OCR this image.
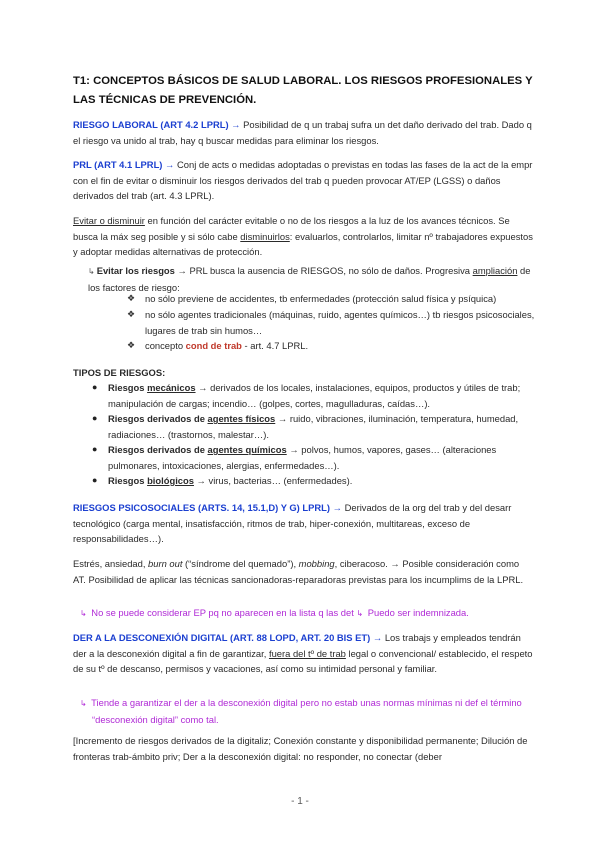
T1: CONCEPTOS BÁSICOS DE SALUD LABORAL. LOS RIESGOS PROFESIONALES Y LAS TÉCNICAS DE PREVENCIÓN.
RIESGO LABORAL (ART 4.2 LPRL) → Posibilidad de q un trabaj sufra un det daño derivado del trab. Dado q el riesgo va unido al trab, hay q buscar medidas para eliminar los riesgos.
PRL (ART 4.1 LPRL) → Conj de acts o medidas adoptadas o previstas en todas las fases de la act de la empr con el fin de evitar o disminuir los riesgos derivados del trab q pueden provocar AT/EP (LGSS) o daños derivados del trab (art. 4.3 LPRL).
Evitar o disminuir en función del carácter evitable o no de los riesgos a la luz de los avances técnicos. Se busca la máx seg posible y si sólo cabe disminuirlos: evaluarlos, controlarlos, limitar nº trabajadores expuestos y adoptar medidas alternativas de protección.
↳ Evitar los riesgos → PRL busca la ausencia de RIESGOS, no sólo de daños. Progresiva ampliación de los factores de riesgo:
❖ no sólo previene de accidentes, tb enfermedades (protección salud física y psíquica)
❖ no sólo agentes tradicionales (máquinas, ruido, agentes químicos…) tb riesgos psicosociales, lugares de trab sin humos…
❖ concepto cond de trab - art. 4.7 LPRL.
TIPOS DE RIESGOS:
● Riesgos mecánicos → derivados de los locales, instalaciones, equipos, productos y útiles de trab; manipulación de cargas; incendio… (golpes, cortes, magulladuras, caídas…).
● Riesgos derivados de agentes físicos → ruido, vibraciones, iluminación, temperatura, humedad, radiaciones… (trastornos, malestar…).
● Riesgos derivados de agentes químicos → polvos, humos, vapores, gases… (alteraciones pulmonares, intoxicaciones, alergias, enfermedades…).
● Riesgos biológicos → virus, bacterias… (enfermedades).
RIESGOS PSICOSOCIALES (ARTS. 14, 15.1,D) Y G) LPRL) → Derivados de la org del trab y del desarr tecnológico (carga mental, insatisfacción, ritmos de trab, hiper-conexión, multitareas, exceso de responsabilidades…).
Estrés, ansiedad, burn out (“síndrome del quemado”), mobbing, ciberacoso. → Posible consideración como AT. Posibilidad de aplicar las técnicas sancionadoras-reparadoras previstas para los incumplims de la LPRL.
↳ No se puede considerar EP pq no aparecen en la lista q las det ↳ Puedo ser indemnizada.
DER A LA DESCONEXIÓN DIGITAL (ART. 88 LOPD, ART. 20 BIS ET) → Los trabajs y empleados tendrán der a la desconexión digital a fin de garantizar, fuera del tº de trab legal o convencional/ establecido, el respeto de su tº de descanso, permisos y vacaciones, así como su intimidad personal y familiar.
↳ Tiende a garantizar el der a la desconexión digital pero no estab unas normas mínimas ni def el término “desconexión digital” como tal.
[Incremento de riesgos derivados de la digitaliz; Conexión constante y disponibilidad permanente; Dilución de fronteras trab-ámbito priv; Der a la desconexión digital: no responder, no conectar (deber
- 1 -
